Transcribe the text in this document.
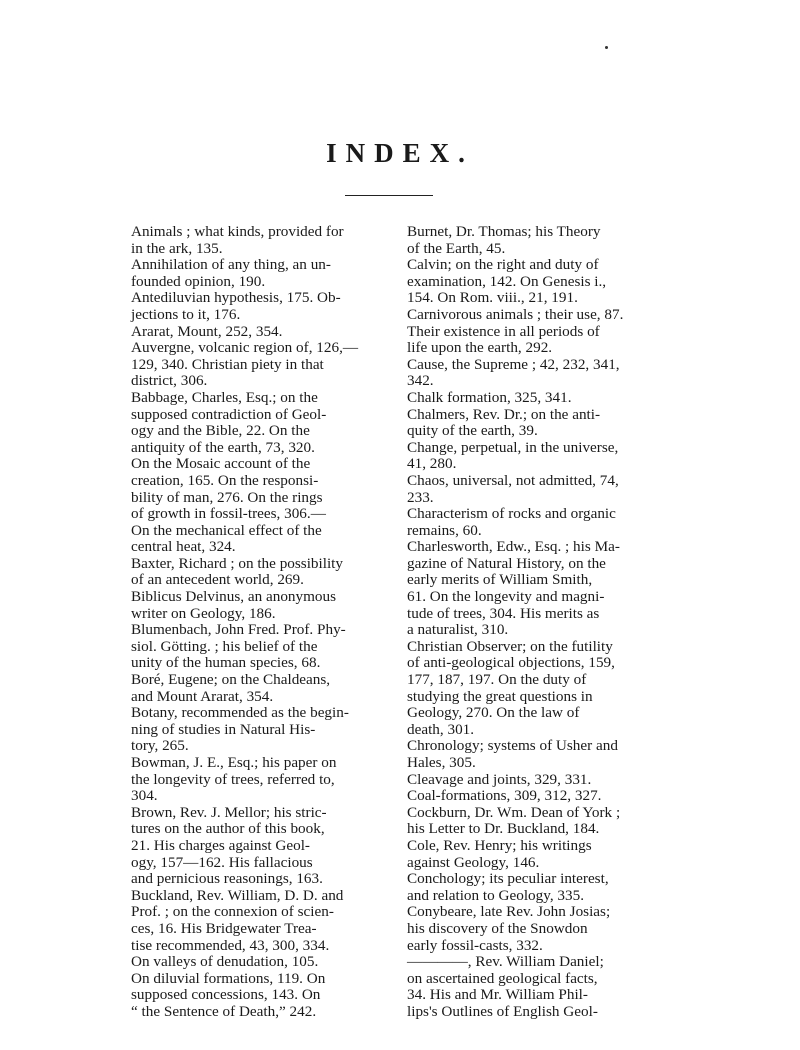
INDEX.
Animals ; what kinds, provided for
in the ark, 135.
Annihilation of any thing, an un-
founded opinion, 190.
Antediluvian hypothesis, 175. Ob-
jections to it, 176.
Ararat, Mount, 252, 354.
Auvergne, volcanic region of, 126,—
129, 340. Christian piety in that
district, 306.
Babbage, Charles, Esq.; on the
supposed contradiction of Geol-
ogy and the Bible, 22. On the
antiquity of the earth, 73, 320.
On the Mosaic account of the
creation, 165. On the responsi-
bility of man, 276. On the rings
of growth in fossil-trees, 306.—
On the mechanical effect of the
central heat, 324.
Baxter, Richard ; on the possibility
of an antecedent world, 269.
Biblicus Delvinus, an anonymous
writer on Geology, 186.
Blumenbach, John Fred. Prof. Phy-
siol. Götting. ; his belief of the
unity of the human species, 68.
Boré, Eugene; on the Chaldeans,
and Mount Ararat, 354.
Botany, recommended as the begin-
ning of studies in Natural His-
tory, 265.
Bowman, J. E., Esq.; his paper on
the longevity of trees, referred to,
304.
Brown, Rev. J. Mellor; his stric-
tures on the author of this book,
21. His charges against Geol-
ogy, 157—162. His fallacious
and pernicious reasonings, 163.
Buckland, Rev. William, D. D. and
Prof. ; on the connexion of scien-
ces, 16. His Bridgewater Trea-
tise recommended, 43, 300, 334.
On valleys of denudation, 105.
On diluvial formations, 119. On
supposed concessions, 143. On
“ the Sentence of Death,” 242.
Burnet, Dr. Thomas; his Theory
of the Earth, 45.
Calvin; on the right and duty of
examination, 142. On Genesis i.,
154. On Rom. viii., 21, 191.
Carnivorous animals ; their use, 87.
Their existence in all periods of
life upon the earth, 292.
Cause, the Supreme ; 42, 232, 341,
342.
Chalk formation, 325, 341.
Chalmers, Rev. Dr.; on the anti-
quity of the earth, 39.
Change, perpetual, in the universe,
41, 280.
Chaos, universal, not admitted, 74,
233.
Characterism of rocks and organic
remains, 60.
Charlesworth, Edw., Esq. ; his Ma-
gazine of Natural History, on the
early merits of William Smith,
61. On the longevity and magni-
tude of trees, 304. His merits as
a naturalist, 310.
Christian Observer; on the futility
of anti-geological objections, 159,
177, 187, 197. On the duty of
studying the great questions in
Geology, 270. On the law of
death, 301.
Chronology; systems of Usher and
Hales, 305.
Cleavage and joints, 329, 331.
Coal-formations, 309, 312, 327.
Cockburn, Dr. Wm. Dean of York ;
his Letter to Dr. Buckland, 184.
Cole, Rev. Henry; his writings
against Geology, 146.
Conchology; its peculiar interest,
and relation to Geology, 335.
Conybeare, late Rev. John Josias;
his discovery of the Snowdon
early fossil-casts, 332.
————, Rev. William Daniel;
on ascertained geological facts,
34. His and Mr. William Phil-
lips's Outlines of English Geol-
